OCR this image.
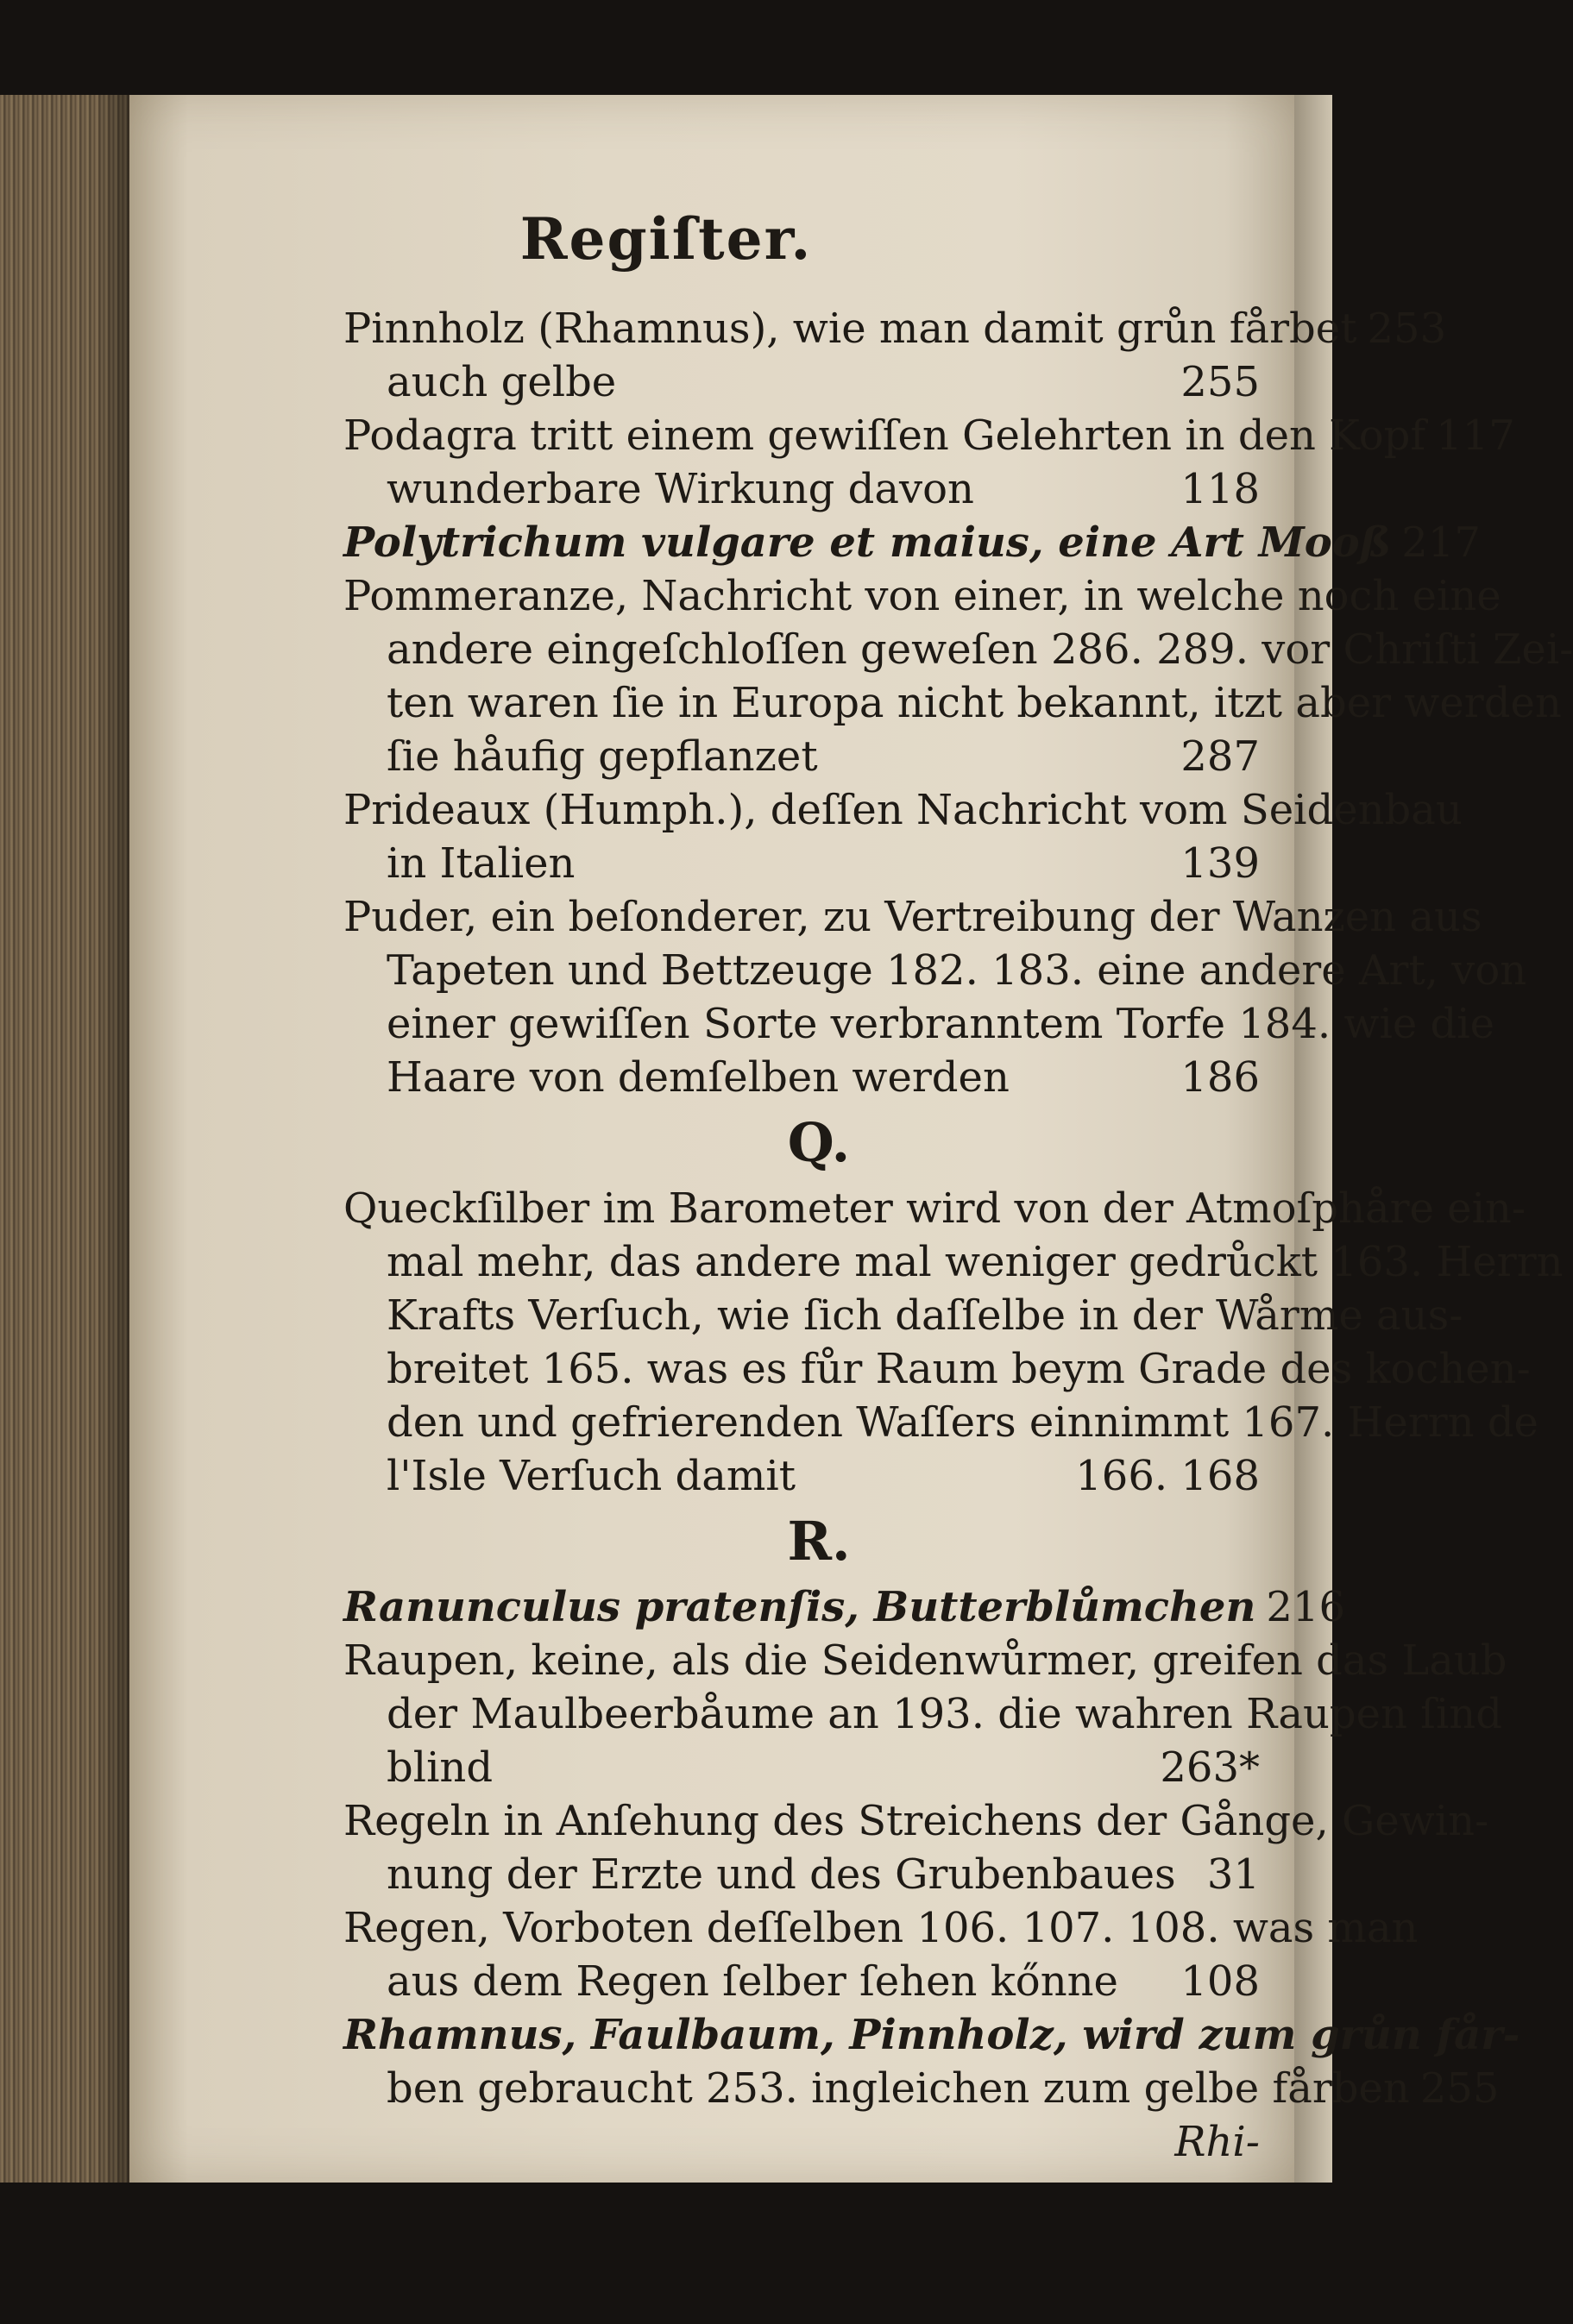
Regiſter.
Pinnholz (Rhamnus), wie man damit grůn fårbet 253
auch gelbe	255
Podagra tritt einem gewiſſen Gelehrten in den Kopf 117
wunderbare Wirkung davon	118
Polytrichum vulgare et maius, eine Art Mooß 217
Pommeranze, Nachricht von einer, in welche noch eine
andere eingeſchloſſen geweſen 286. 289. vor Chriſti Zei-
ten waren ſie in Europa nicht bekannt, itzt aber werden
ſie håufig gepflanzet	287
Prideaux (Humph.), deſſen Nachricht vom Seidenbau
in Italien	139
Puder, ein beſonderer, zu Vertreibung der Wanzen aus
Tapeten und Bettzeuge 182. 183. eine andere Art, von
einer gewiſſen Sorte verbranntem Torfe 184. wie die
Haare von demſelben werden	186
Q.
Queckſilber im Barometer wird von der Atmoſphåre ein-
mal mehr, das andere mal weniger gedrůckt 163. Herrn
Krafts Verſuch, wie ſich daſſelbe in der Wårme aus-
breitet 165. was es fůr Raum beym Grade des kochen-
den und gefrierenden Waſſers einnimmt 167. Herrn de
l'Isle Verſuch damit	166. 168
R.
Ranunculus pratenſis, Butterblůmchen 216
Raupen, keine, als die Seidenwůrmer, greifen das Laub
der Maulbeerbåume an 193. die wahren Raupen ſind
blind	263*
Regeln in Anſehung des Streichens der Gånge, Gewin-
nung der Erzte und des Grubenbaues 31
Regen, Vorboten deſſelben 106. 107. 108. was man
aus dem Regen ſelber ſehen kőnne 108
Rhamnus, Faulbaum, Pinnholz, wird zum grůn får-
ben gebraucht 253. ingleichen zum gelbe fårben 255
Rhi-
